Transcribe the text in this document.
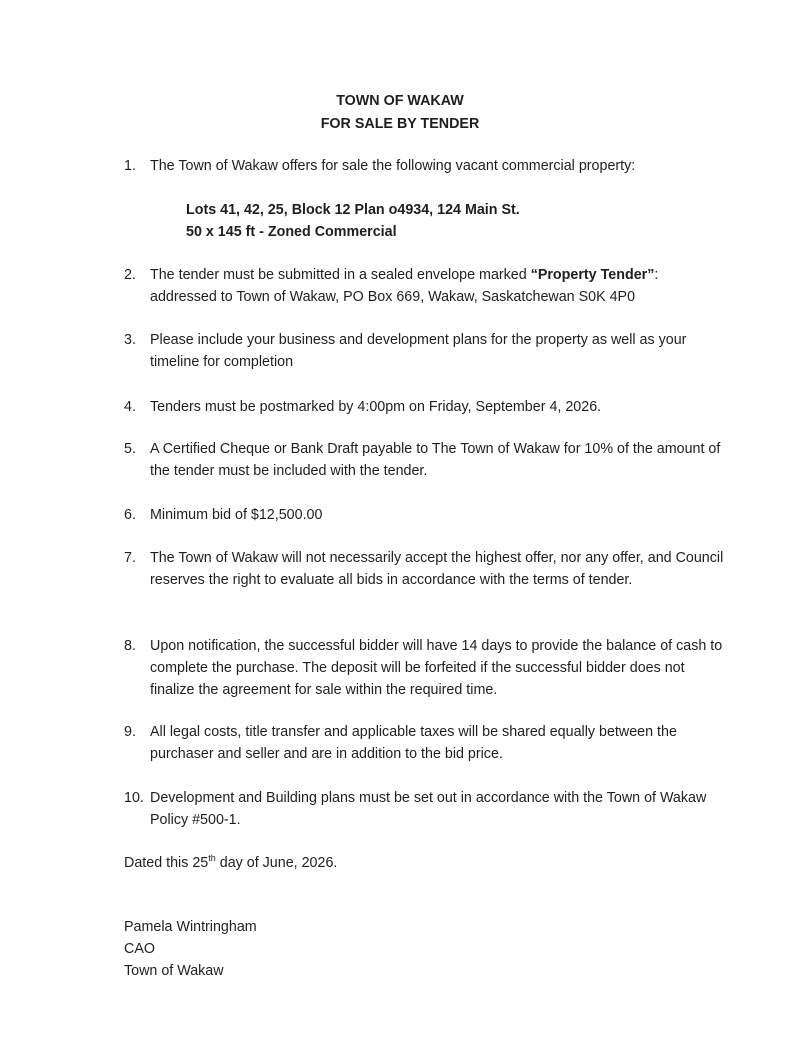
TOWN OF WAKAW
FOR SALE BY TENDER
1. The Town of Wakaw offers for sale the following vacant commercial property:
Lots 41, 42, 25, Block 12 Plan o4934, 124 Main St.
50 x 145 ft - Zoned Commercial
2. The tender must be submitted in a sealed envelope marked “Property Tender”: addressed to Town of Wakaw, PO Box 669, Wakaw, Saskatchewan S0K 4P0
3. Please include your business and development plans for the property as well as your timeline for completion
4. Tenders must be postmarked by 4:00pm on Friday, September 4, 2026.
5. A Certified Cheque or Bank Draft payable to The Town of Wakaw for 10% of the amount of the tender must be included with the tender.
6. Minimum bid of $12,500.00
7. The Town of Wakaw will not necessarily accept the highest offer, nor any offer, and Council reserves the right to evaluate all bids in accordance with the terms of tender.
8. Upon notification, the successful bidder will have 14 days to provide the balance of cash to complete the purchase. The deposit will be forfeited if the successful bidder does not finalize the agreement for sale within the required time.
9. All legal costs, title transfer and applicable taxes will be shared equally between the purchaser and seller and are in addition to the bid price.
10. Development and Building plans must be set out in accordance with the Town of Wakaw Policy #500-1.
Dated this 25th day of June, 2026.
Pamela Wintringham
CAO
Town of Wakaw
